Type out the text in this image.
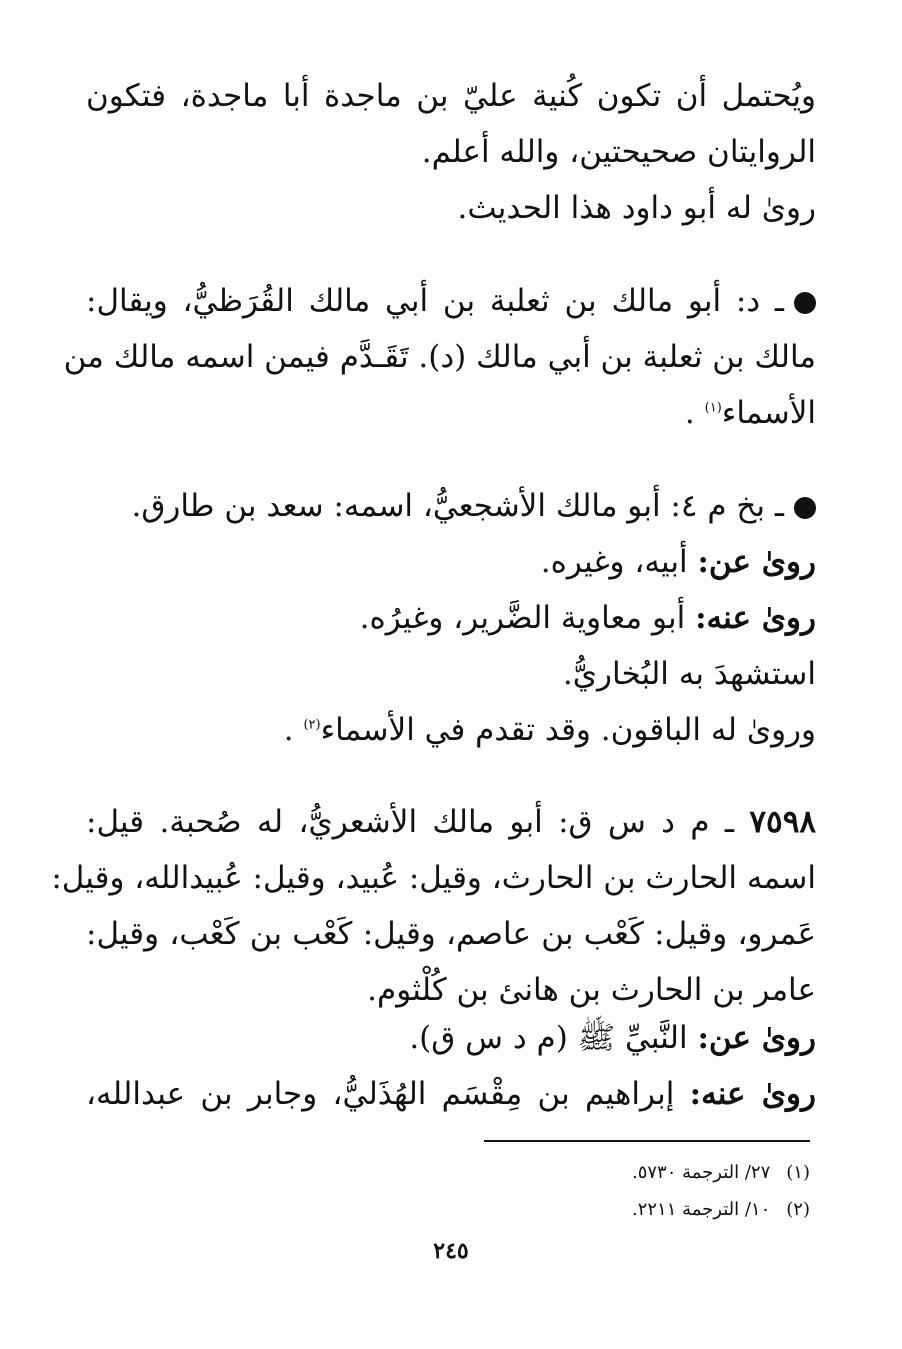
ويُحتمل أن تكون كُنية عليّ بن ماجدة أبا ماجدة، فتكون
الروايتان صحيحتين، والله أعلم.
روىٰ له أبو داود هذا الحديث.
ـ د: أبو مالك بن ثعلبة بن أبي مالك القُرَظيُّ، ويقال:
مالك بن ثعلبة بن أبي مالك (د). تَقَـدَّم فيمن اسمه مالك من
الأسماء$^{(١)}$ .
ـ بخ م ٤: أبو مالك الأشجعيُّ، اسمه: سعد بن طارق.
روىٰ عن: أبيه، وغيره.
روىٰ عنه: أبو معاوية الضَّرير، وغيرُه.
استشهدَ به البُخاريُّ.
وروىٰ له الباقون. وقد تقدم في الأسماء$^{(٢)}$ .
٧٥٩٨ ـ م د س ق: أبو مالك الأشعريُّ، له صُحبة. قيل:
اسمه الحارث بن الحارث، وقيل: عُبيد، وقيل: عُبيدالله، وقيل:
عَمرو، وقيل: كَعْب بن عاصم، وقيل: كَعْب بن كَعْب، وقيل:
عامر بن الحارث بن هانئ بن كُلْثوم.
روىٰ عن: النَّبيِّ ﷺ (م د س ق).
روىٰ عنه: إبراهيم بن مِقْسَم الهُذَليُّ، وجابر بن عبدالله،
(١) ٢٧/ الترجمة ٥٧٣٠.
(٢) ١٠/ الترجمة ٢٢١١.
٢٤٥
